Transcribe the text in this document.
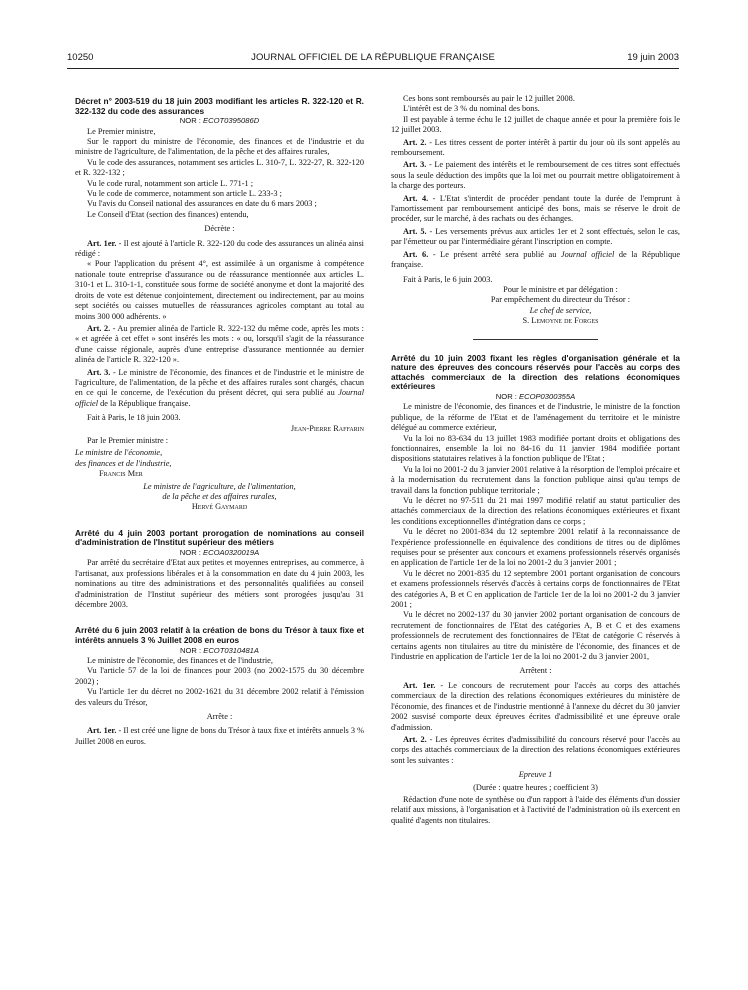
10250	JOURNAL OFFICIEL DE LA RÉPUBLIQUE FRANÇAISE	19 juin 2003

Décret n° 2003-519 du 18 juin 2003 modifiant les articles R. 322-120 et R. 322-132 du code des assurances

NOR : ECOT0395086D

Le Premier ministre,

Sur le rapport du ministre de l'économie, des finances et de l'industrie et du ministre de l'agriculture, de l'alimentation, de la pêche et des affaires rurales,

Vu le code des assurances, notamment ses articles L. 310-7, L. 322-27, R. 322-120 et R. 322-132 ;

Vu le code rural, notamment son article L. 771-1 ;

Vu le code de commerce, notamment son article L. 233-3 ;

Vu l'avis du Conseil national des assurances en date du 6 mars 2003 ;

Le Conseil d'Etat (section des finances) entendu,

Décrète :

Art. 1er. - Il est ajouté à l'article R. 322-120 du code des assurances un alinéa ainsi rédigé :

« Pour l'application du présent 4°, est assimilée à un organisme à compétence nationale toute entreprise d'assurance ou de réassurance mentionnée aux articles L. 310-1 et L. 310-1-1, constituée sous forme de société anonyme et dont la majorité des droits de vote est détenue conjointement, directement ou indirectement, par au moins sept sociétés ou caisses mutuelles de réassurances agricoles comptant au total au moins 300 000 adhérents. »

Art. 2. - Au premier alinéa de l'article R. 322-132 du même code, après les mots : « et agréée à cet effet » sont insérés les mots : « ou, lorsqu'il s'agit de la réassurance d'une caisse régionale, auprès d'une entreprise d'assurance mentionnée au dernier alinéa de l'article R. 322-120 ».

Art. 3. - Le ministre de l'économie, des finances et de l'industrie et le ministre de l'agriculture, de l'alimentation, de la pêche et des affaires rurales sont chargés, chacun en ce qui le concerne, de l'exécution du présent décret, qui sera publié au Journal officiel de la République française.

Fait à Paris, le 18 juin 2003.

Jean-Pierre Raffarin

Par le Premier ministre :

Le ministre de l'économie,

des finances et de l'industrie,

Francis Mer

Le ministre de l'agriculture, de l'alimentation,

de la pêche et des affaires rurales,

Hervé Gaymard

Arrêté du 4 juin 2003 portant prorogation de nominations au conseil d'administration de l'Institut supérieur des métiers

NOR : ECOA0320019A

Par arrêté du secrétaire d'Etat aux petites et moyennes entreprises, au commerce, à l'artisanat, aux professions libérales et à la consommation en date du 4 juin 2003, les nominations au titre des administrations et des personnalités qualifiées au conseil d'administration de l'Institut supérieur des métiers sont prorogées jusqu'au 31 décembre 2003.

Arrêté du 6 juin 2003 relatif à la création de bons du Trésor à taux fixe et intérêts annuels 3 % Juillet 2008 en euros

NOR : ECOT0310481A

Le ministre de l'économie, des finances et de l'industrie,

Vu l'article 57 de la loi de finances pour 2003 (no 2002-1575 du 30 décembre 2002) ;

Vu l'article 1er du décret no 2002-1621 du 31 décembre 2002 relatif à l'émission des valeurs du Trésor,

Arrête :

Art. 1er. - Il est créé une ligne de bons du Trésor à taux fixe et intérêts annuels 3 % Juillet 2008 en euros.

Ces bons sont remboursés au pair le 12 juillet 2008.

L'intérêt est de 3 % du nominal des bons.

Il est payable à terme échu le 12 juillet de chaque année et pour la première fois le 12 juillet 2003.

Art. 2. - Les titres cessent de porter intérêt à partir du jour où ils sont appelés au remboursement.

Art. 3. - Le paiement des intérêts et le remboursement de ces titres sont effectués sous la seule déduction des impôts que la loi met ou pourrait mettre obligatoirement à la charge des porteurs.

Art. 4. - L'Etat s'interdit de procéder pendant toute la durée de l'emprunt à l'amortissement par remboursement anticipé des bons, mais se réserve le droit de procéder, sur le marché, à des rachats ou des échanges.

Art. 5. - Les versements prévus aux articles 1er et 2 sont effectués, selon le cas, par l'émetteur ou par l'intermédiaire gérant l'inscription en compte.

Art. 6. - Le présent arrêté sera publié au Journal officiel de la République française.

Fait à Paris, le 6 juin 2003.

Pour le ministre et par délégation :

Par empêchement du directeur du Trésor :

Le chef de service,

S. Lemoyne de Forges

Arrêté du 10 juin 2003 fixant les règles d'organisation générale et la nature des épreuves des concours réservés pour l'accès au corps des attachés commerciaux de la direction des relations économiques extérieures

NOR : ECOP0300355A

Le ministre de l'économie, des finances et de l'industrie, le ministre de la fonction publique, de la réforme de l'Etat et de l'aménagement du territoire et le ministre délégué au commerce extérieur,

Vu la loi no 83-634 du 13 juillet 1983 modifiée portant droits et obligations des fonctionnaires, ensemble la loi no 84-16 du 11 janvier 1984 modifiée portant dispositions statutaires relatives à la fonction publique de l'Etat ;

Vu la loi no 2001-2 du 3 janvier 2001 relative à la résorption de l'emploi précaire et à la modernisation du recrutement dans la fonction publique ainsi qu'au temps de travail dans la fonction publique territoriale ;

Vu le décret no 97-511 du 21 mai 1997 modifié relatif au statut particulier des attachés commerciaux de la direction des relations économiques extérieures et fixant les conditions exceptionnelles d'intégration dans ce corps ;

Vu le décret no 2001-834 du 12 septembre 2001 relatif à la reconnaissance de l'expérience professionnelle en équivalence des conditions de titres ou de diplômes requises pour se présenter aux concours et examens professionnels réservés organisés en application de l'article 1er de la loi no 2001-2 du 3 janvier 2001 ;

Vu le décret no 2001-835 du 12 septembre 2001 portant organisation de concours et examens professionnels réservés d'accès à certains corps de fonctionnaires de l'Etat des catégories A, B et C en application de l'article 1er de la loi no 2001-2 du 3 janvier 2001 ;

Vu le décret no 2002-137 du 30 janvier 2002 portant organisation de concours de recrutement de fonctionnaires de l'Etat des catégories A, B et C et des examens professionnels de recrutement des fonctionnaires de l'Etat de catégorie C réservés à certains agents non titulaires au titre du ministère de l'économie, des finances et de l'industrie en application de l'article 1er de la loi no 2001-2 du 3 janvier 2001,

Arrêtent :

Art. 1er. - Le concours de recrutement pour l'accès au corps des attachés commerciaux de la direction des relations économiques extérieures du ministère de l'économie, des finances et de l'industrie mentionné à l'annexe du décret du 30 janvier 2002 susvisé comporte deux épreuves écrites d'admissibilité et une épreuve orale d'admission.

Art. 2. - Les épreuves écrites d'admissibilité du concours réservé pour l'accès au corps des attachés commerciaux de la direction des relations économiques extérieures sont les suivantes :

Epreuve 1

(Durée : quatre heures ; coefficient 3)

Rédaction d'une note de synthèse ou d'un rapport à l'aide des éléments d'un dossier relatif aux missions, à l'organisation et à l'activité de l'administration où ils exercent en qualité d'agents non titulaires.
